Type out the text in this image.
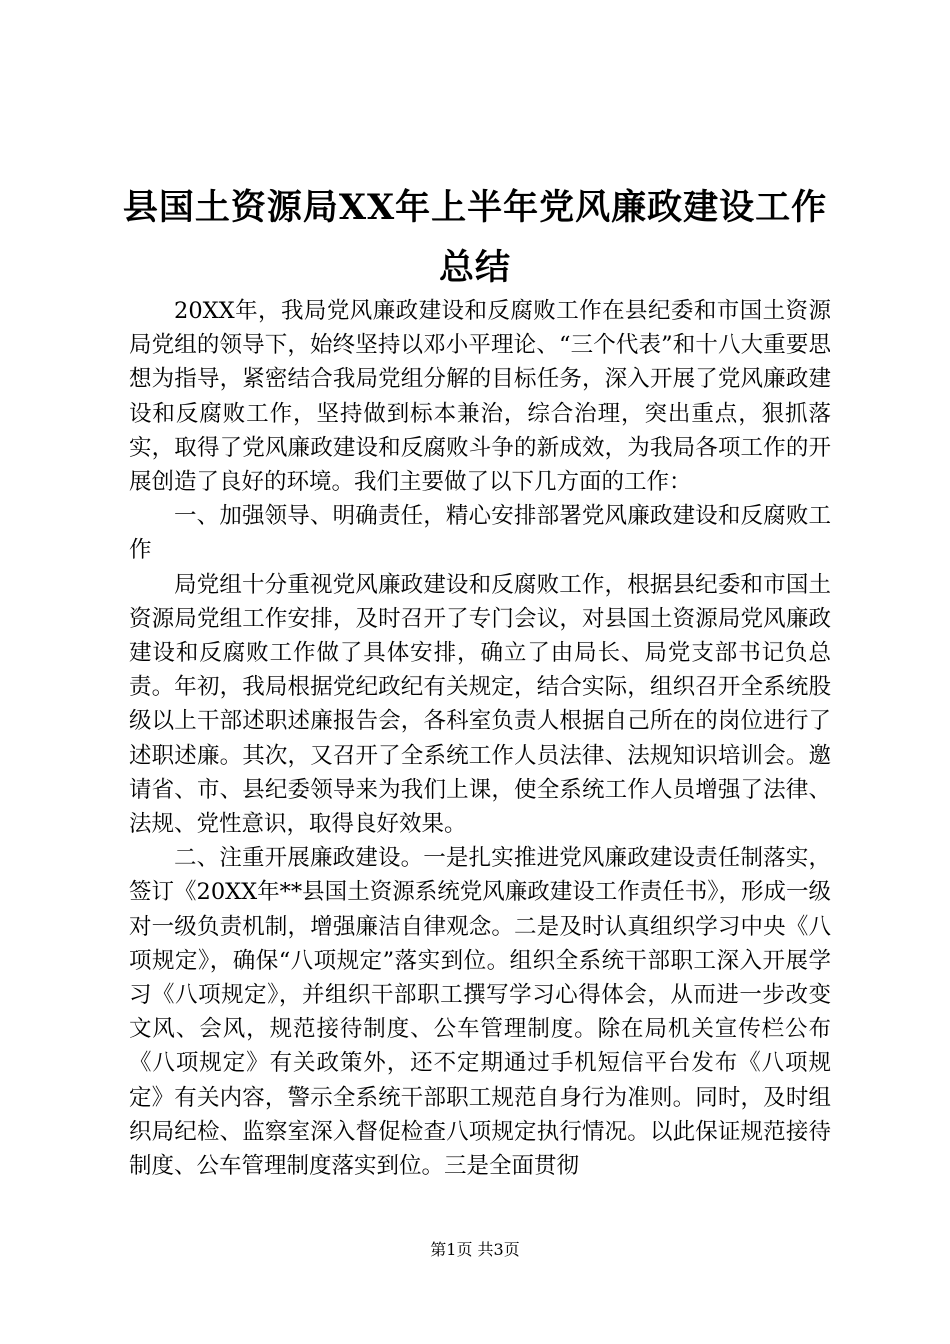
县国土资源局XX年上半年党风廉政建设工作总结

20XX年，我局党风廉政建设和反腐败工作在县纪委和市国土资源局党组的领导下，始终坚持以邓小平理论、“三个代表”和十八大重要思想为指导，紧密结合我局党组分解的目标任务，深入开展了党风廉政建设和反腐败工作，坚持做到标本兼治，综合治理，突出重点，狠抓落实，取得了党风廉政建设和反腐败斗争的新成效，为我局各项工作的开展创造了良好的环境。我们主要做了以下几方面的工作：

一、加强领导、明确责任，精心安排部署党风廉政建设和反腐败工作

局党组十分重视党风廉政建设和反腐败工作，根据县纪委和市国土资源局党组工作安排，及时召开了专门会议，对县国土资源局党风廉政建设和反腐败工作做了具体安排，确立了由局长、局党支部书记负总责。年初，我局根据党纪政纪有关规定，结合实际，组织召开全系统股级以上干部述职述廉报告会，各科室负责人根据自己所在的岗位进行了述职述廉。其次，又召开了全系统工作人员法律、法规知识培训会。邀请省、市、县纪委领导来为我们上课，使全系统工作人员增强了法律、法规、党性意识，取得良好效果。

二、注重开展廉政建设。一是扎实推进党风廉政建设责任制落实，签订《20XX年**县国土资源系统党风廉政建设工作责任书》，形成一级对一级负责机制，增强廉洁自律观念。二是及时认真组织学习中央《八项规定》，确保“八项规定”落实到位。组织全系统干部职工深入开展学习《八项规定》，并组织干部职工撰写学习心得体会，从而进一步改变文风、会风，规范接待制度、公车管理制度。除在局机关宣传栏公布《八项规定》有关政策外，还不定期通过手机短信平台发布《八项规定》有关内容，警示全系统干部职工规范自身行为准则。同时，及时组织局纪检、监察室深入督促检查八项规定执行情况。以此保证规范接待制度、公车管理制度落实到位。三是全面贯彻

第1页 共3页
